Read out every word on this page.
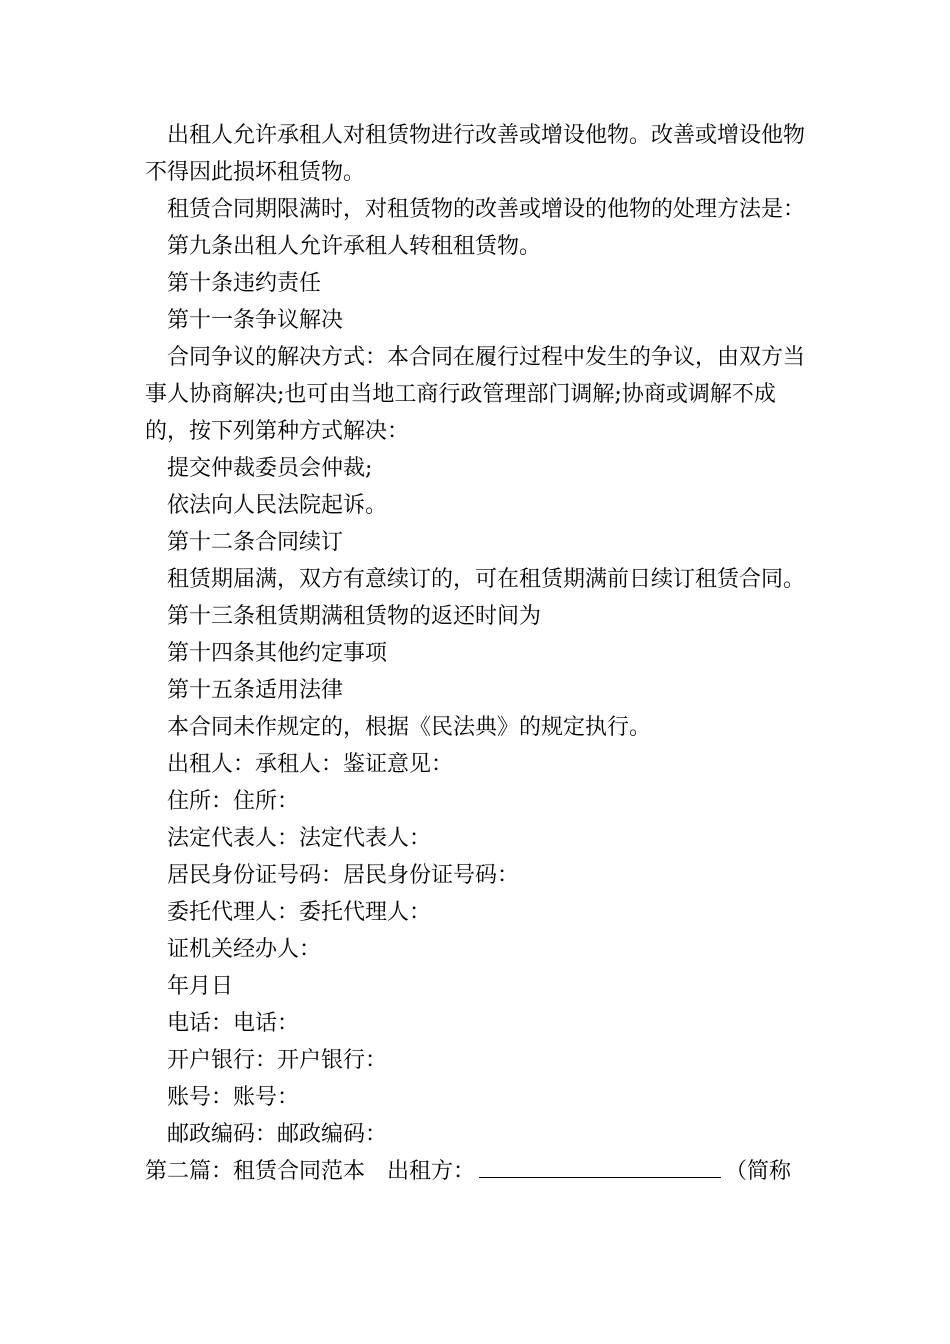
出租人允许承租人对租赁物进行改善或增设他物。改善或增设他物不得因此损坏租赁物。

租赁合同期限满时，对租赁物的改善或增设的他物的处理方法是：

第九条出租人允许承租人转租租赁物。

第十条违约责任

第十一条争议解决

合同争议的解决方式：本合同在履行过程中发生的争议，由双方当事人协商解决;也可由当地工商行政管理部门调解;协商或调解不成的，按下列第种方式解决：

提交仲裁委员会仲裁;

依法向人民法院起诉。

第十二条合同续订

租赁期届满，双方有意续订的，可在租赁期满前日续订租赁合同。

第十三条租赁期满租赁物的返还时间为

第十四条其他约定事项

第十五条适用法律

本合同未作规定的，根据《民法典》的规定执行。

出租人：承租人：鉴证意见：

住所：住所：

法定代表人：法定代表人：

居民身份证号码：居民身份证号码：

委托代理人：委托代理人：

证机关经办人：

年月日

电话：电话：

开户银行：开户银行：

账号：账号：

邮政编码：邮政编码：

第二篇：租赁合同范本 出租方：	（简称
